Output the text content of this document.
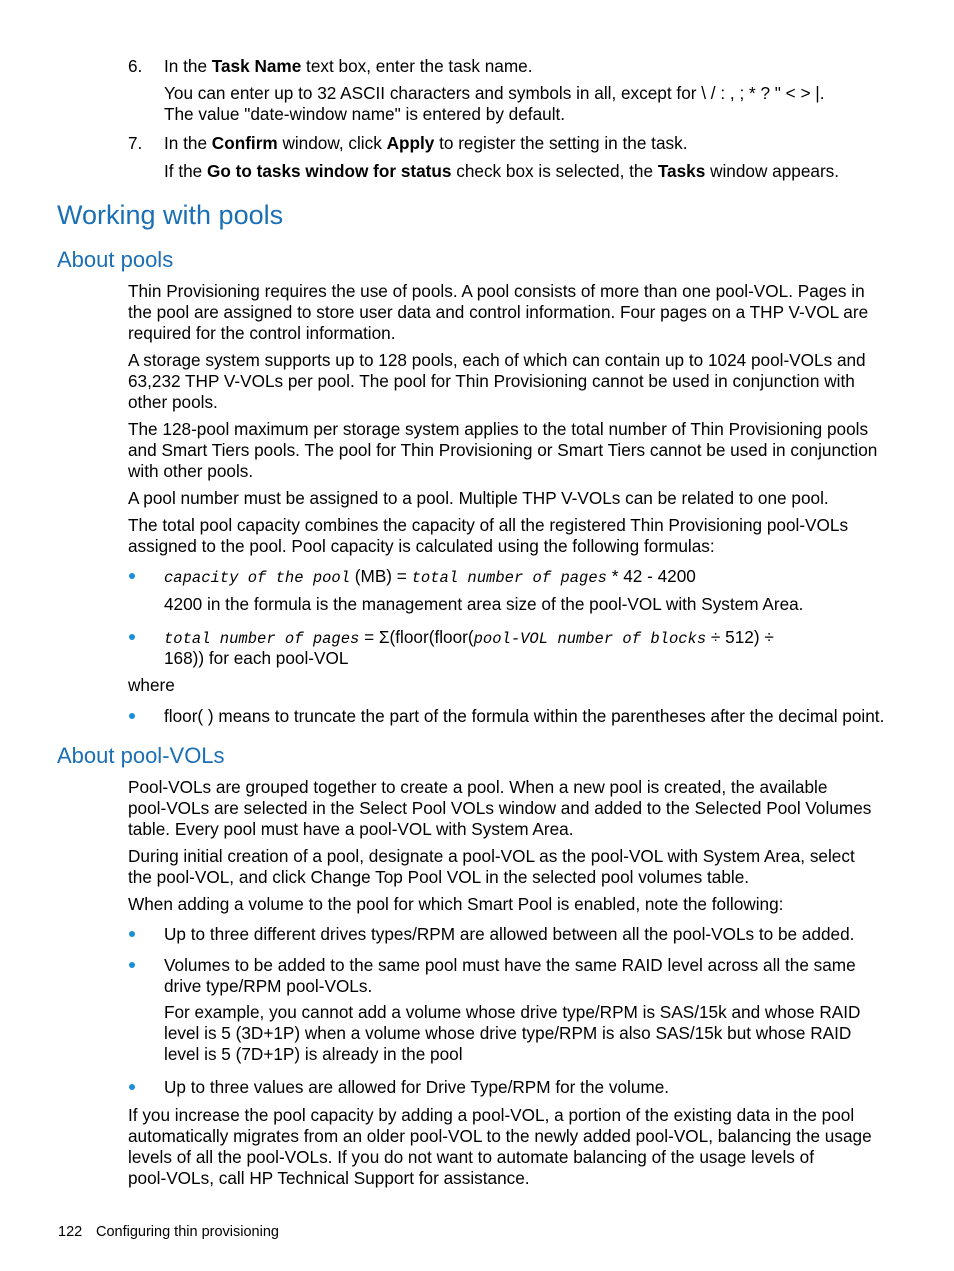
6. In the Task Name text box, enter the task name.
You can enter up to 32 ASCII characters and symbols in all, except for \ / : , ; * ? " < > |.
The value "date-window name" is entered by default.
7. In the Confirm window, click Apply to register the setting in the task.
If the Go to tasks window for status check box is selected, the Tasks window appears.
Working with pools
About pools
Thin Provisioning requires the use of pools. A pool consists of more than one pool-VOL. Pages in
the pool are assigned to store user data and control information. Four pages on a THP V-VOL are
required for the control information.
A storage system supports up to 128 pools, each of which can contain up to 1024 pool-VOLs and
63,232 THP V-VOLs per pool. The pool for Thin Provisioning cannot be used in conjunction with
other pools.
The 128-pool maximum per storage system applies to the total number of Thin Provisioning pools
and Smart Tiers pools. The pool for Thin Provisioning or Smart Tiers cannot be used in conjunction
with other pools.
A pool number must be assigned to a pool. Multiple THP V-VOLs can be related to one pool.
The total pool capacity combines the capacity of all the registered Thin Provisioning pool-VOLs
assigned to the pool. Pool capacity is calculated using the following formulas:
capacity of the pool (MB) = total number of pages * 42 - 4200
4200 in the formula is the management area size of the pool-VOL with System Area.
total number of pages = Σ(floor(floor(pool-VOL number of blocks ÷ 512) ÷
168)) for each pool-VOL
where
floor( ) means to truncate the part of the formula within the parentheses after the decimal point.
About pool-VOLs
Pool-VOLs are grouped together to create a pool. When a new pool is created, the available
pool-VOLs are selected in the Select Pool VOLs window and added to the Selected Pool Volumes
table. Every pool must have a pool-VOL with System Area.
During initial creation of a pool, designate a pool-VOL as the pool-VOL with System Area, select
the pool-VOL, and click Change Top Pool VOL in the selected pool volumes table.
When adding a volume to the pool for which Smart Pool is enabled, note the following:
Up to three different drives types/RPM are allowed between all the pool-VOLs to be added.
Volumes to be added to the same pool must have the same RAID level across all the same
drive type/RPM pool-VOLs.
For example, you cannot add a volume whose drive type/RPM is SAS/15k and whose RAID
level is 5 (3D+1P) when a volume whose drive type/RPM is also SAS/15k but whose RAID
level is 5 (7D+1P) is already in the pool
Up to three values are allowed for Drive Type/RPM for the volume.
If you increase the pool capacity by adding a pool-VOL, a portion of the existing data in the pool
automatically migrates from an older pool-VOL to the newly added pool-VOL, balancing the usage
levels of all the pool-VOLs. If you do not want to automate balancing of the usage levels of
pool-VOLs, call HP Technical Support for assistance.
122 Configuring thin provisioning
